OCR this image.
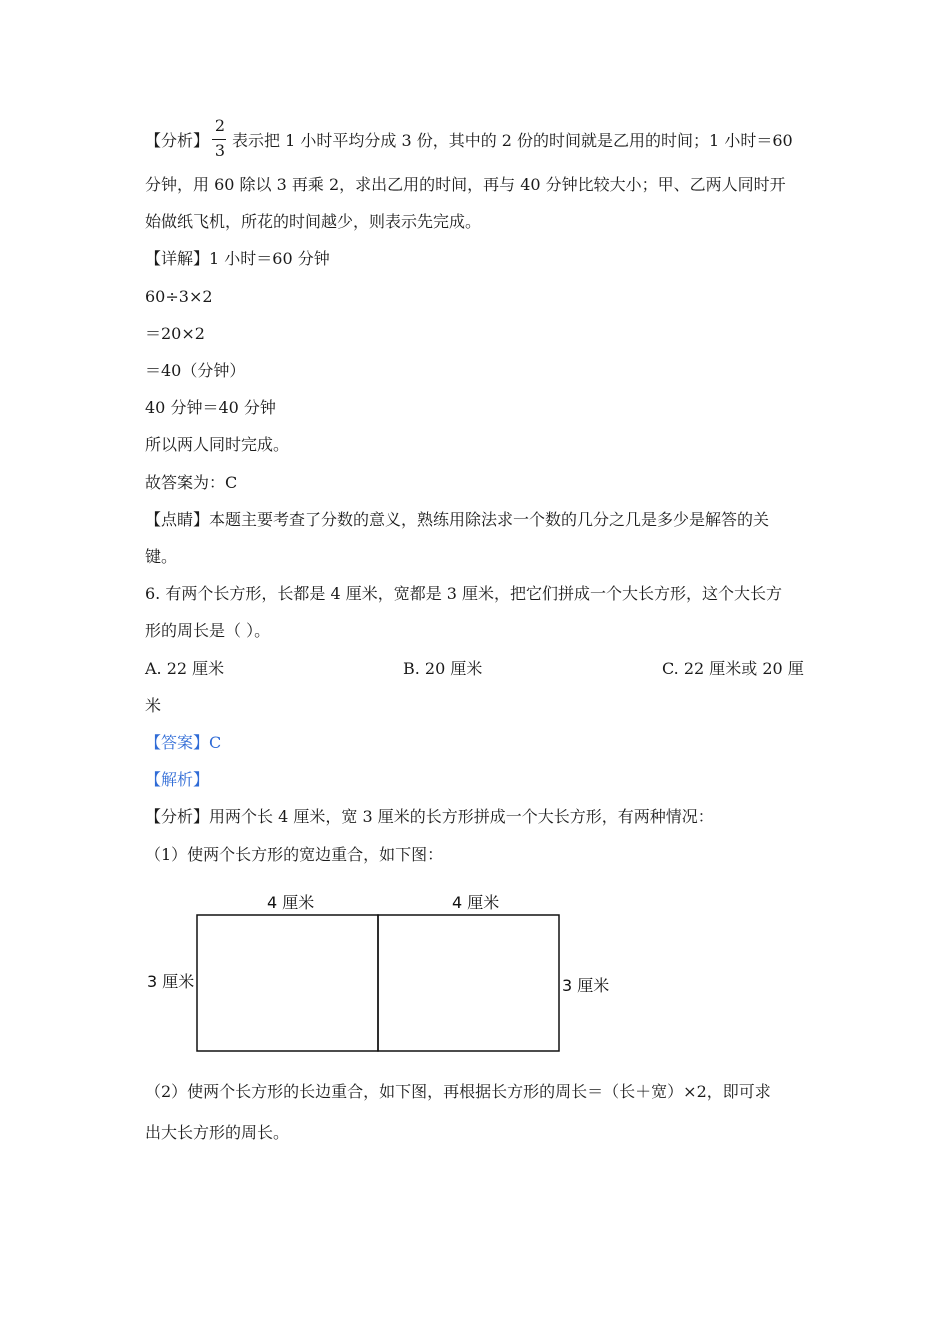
【分析】
2
3
表示把 1 小时平均分成 3 份，其中的 2 份的时间就是乙用的时间；1 小时＝60
分钟，用 60 除以 3 再乘 2，求出乙用的时间，再与 40 分钟比较大小；甲、乙两人同时开
始做纸飞机，所花的时间越少，则表示先完成。
【详解】1 小时＝60 分钟
60÷3×2
＝20×2
＝40（分钟）
40 分钟＝40 分钟
所以两人同时完成。
故答案为：C
【点睛】本题主要考查了分数的意义，熟练用除法求一个数的几分之几是多少是解答的关
键。
6. 有两个长方形，长都是 4 厘米，宽都是 3 厘米，把它们拼成一个大长方形，这个大长方
形的周长是（ ）。
A. 22 厘米	B. 20 厘米	C. 22 厘米或 20 厘
米
【答案】C
【解析】
【分析】用两个长 4 厘米，宽 3 厘米的长方形拼成一个大长方形，有两种情况：
（1）使两个长方形的宽边重合，如下图：
4 厘米	4 厘米
3 厘米	3 厘米
（2）使两个长方形的长边重合，如下图，再根据长方形的周长＝（长＋宽）×2，即可求
出大长方形的周长。
